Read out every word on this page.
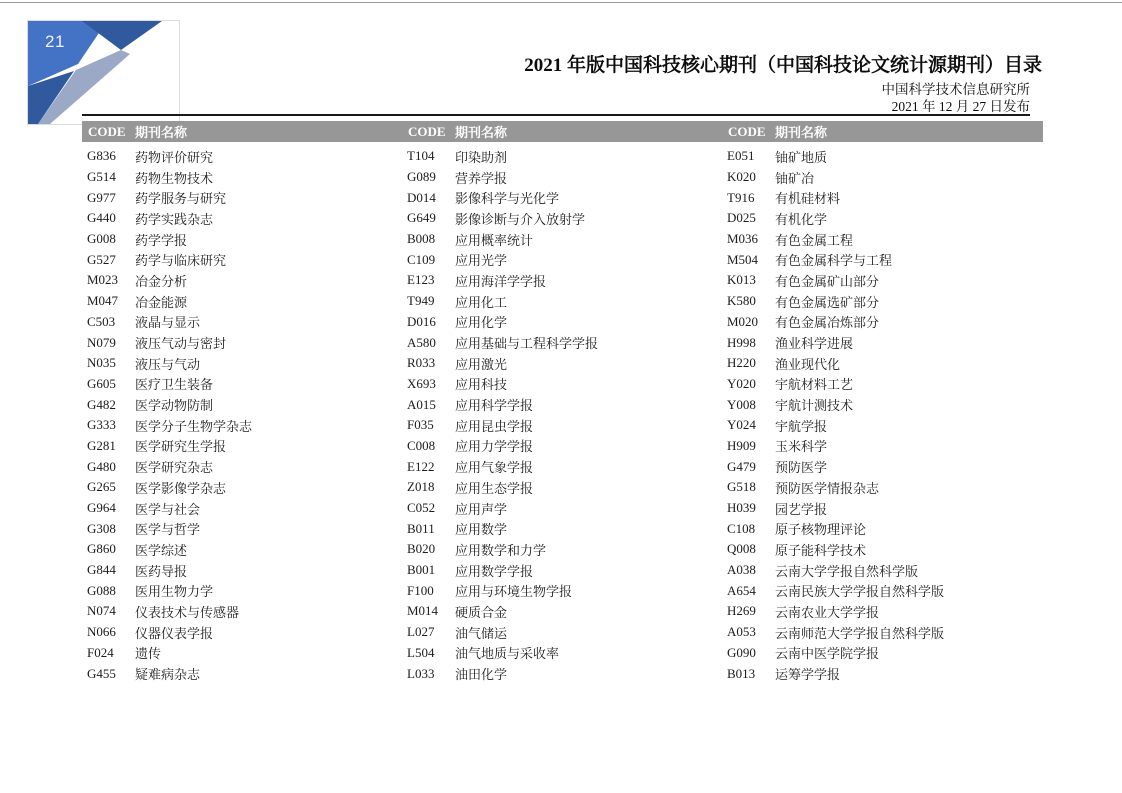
21
2021 年版中国科技核心期刊（中国科技论文统计源期刊）目录
中国科学技术信息研究所
2021 年 12 月 27 日发布
CODE 期刊名称	CODE 期刊名称	CODE 期刊名称
G836	药物评价研究
G514	药物生物技术
G977	药学服务与研究
G440	药学实践杂志
G008	药学学报
G527	药学与临床研究
M023	冶金分析
M047	冶金能源
C503	液晶与显示
N079	液压气动与密封
N035	液压与气动
G605	医疗卫生装备
G482	医学动物防制
G333	医学分子生物学杂志
G281	医学研究生学报
G480	医学研究杂志
G265	医学影像学杂志
G964	医学与社会
G308	医学与哲学
G860	医学综述
G844	医药导报
G088	医用生物力学
N074	仪表技术与传感器
N066	仪器仪表学报
F024	遗传
G455	疑难病杂志
T104	印染助剂
G089	营养学报
D014	影像科学与光化学
G649	影像诊断与介入放射学
B008	应用概率统计
C109	应用光学
E123	应用海洋学学报
T949	应用化工
D016	应用化学
A580	应用基础与工程科学学报
R033	应用激光
X693	应用科技
A015	应用科学学报
F035	应用昆虫学报
C008	应用力学学报
E122	应用气象学报
Z018	应用生态学报
C052	应用声学
B011	应用数学
B020	应用数学和力学
B001	应用数学学报
F100	应用与环境生物学报
M014	硬质合金
L027	油气储运
L504	油气地质与采收率
L033	油田化学
E051	铀矿地质
K020	铀矿冶
T916	有机硅材料
D025	有机化学
M036	有色金属工程
M504	有色金属科学与工程
K013	有色金属矿山部分
K580	有色金属选矿部分
M020	有色金属冶炼部分
H998	渔业科学进展
H220	渔业现代化
Y020	宇航材料工艺
Y008	宇航计测技术
Y024	宇航学报
H909	玉米科学
G479	预防医学
G518	预防医学情报杂志
H039	园艺学报
C108	原子核物理评论
Q008	原子能科学技术
A038	云南大学学报自然科学版
A654	云南民族大学学报自然科学版
H269	云南农业大学学报
A053	云南师范大学学报自然科学版
G090	云南中医学院学报
B013	运筹学学报
